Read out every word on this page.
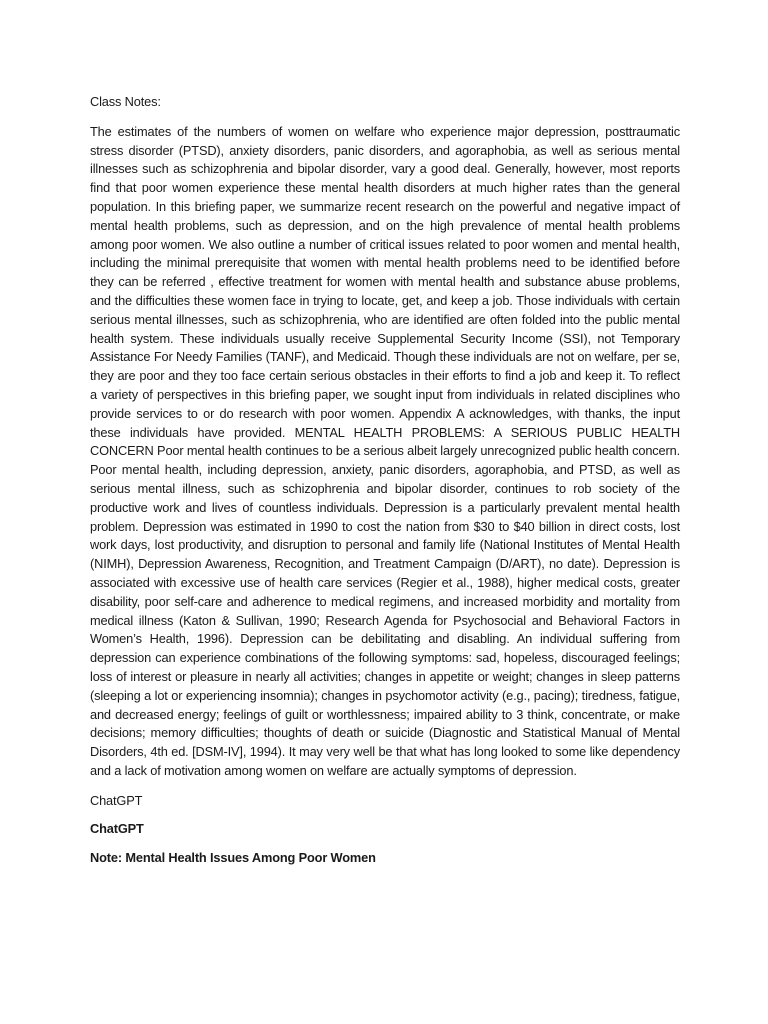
Class Notes:

The estimates of the numbers of women on welfare who experience major depression, posttraumatic stress disorder (PTSD), anxiety disorders, panic disorders, and agoraphobia, as well as serious mental illnesses such as schizophrenia and bipolar disorder, vary a good deal. Generally, however, most reports find that poor women experience these mental health disorders at much higher rates than the general population. In this briefing paper, we summarize recent research on the powerful and negative impact of mental health problems, such as depression, and on the high prevalence of mental health problems among poor women. We also outline a number of critical issues related to poor women and mental health, including the minimal prerequisite that women with mental health problems need to be identified before they can be referred , effective treatment for women with mental health and substance abuse problems, and the difficulties these women face in trying to locate, get, and keep a job. Those individuals with certain serious mental illnesses, such as schizophrenia, who are identified are often folded into the public mental health system. These individuals usually receive Supplemental Security Income (SSI), not Temporary Assistance For Needy Families (TANF), and Medicaid. Though these individuals are not on welfare, per se, they are poor and they too face certain serious obstacles in their efforts to find a job and keep it. To reflect a variety of perspectives in this briefing paper, we sought input from individuals in related disciplines who provide services to or do research with poor women. Appendix A acknowledges, with thanks, the input these individuals have provided. MENTAL HEALTH PROBLEMS: A SERIOUS PUBLIC HEALTH CONCERN Poor mental health continues to be a serious albeit largely unrecognized public health concern. Poor mental health, including depression, anxiety, panic disorders, agoraphobia, and PTSD, as well as serious mental illness, such as schizophrenia and bipolar disorder, continues to rob society of the productive work and lives of countless individuals. Depression is a particularly prevalent mental health problem. Depression was estimated in 1990 to cost the nation from $30 to $40 billion in direct costs, lost work days, lost productivity, and disruption to personal and family life (National Institutes of Mental Health (NIMH), Depression Awareness, Recognition, and Treatment Campaign (D/ART), no date). Depression is associated with excessive use of health care services (Regier et al., 1988), higher medical costs, greater disability, poor self-care and adherence to medical regimens, and increased morbidity and mortality from medical illness (Katon & Sullivan, 1990; Research Agenda for Psychosocial and Behavioral Factors in Women’s Health, 1996). Depression can be debilitating and disabling. An individual suffering from depression can experience combinations of the following symptoms: sad, hopeless, discouraged feelings; loss of interest or pleasure in nearly all activities; changes in appetite or weight; changes in sleep patterns (sleeping a lot or experiencing insomnia); changes in psychomotor activity (e.g., pacing); tiredness, fatigue, and decreased energy; feelings of guilt or worthlessness; impaired ability to 3 think, concentrate, or make decisions; memory difficulties; thoughts of death or suicide (Diagnostic and Statistical Manual of Mental Disorders, 4th ed. [DSM-IV], 1994). It may very well be that what has long looked to some like dependency and a lack of motivation among women on welfare are actually symptoms of depression.

ChatGPT

ChatGPT

Note: Mental Health Issues Among Poor Women
